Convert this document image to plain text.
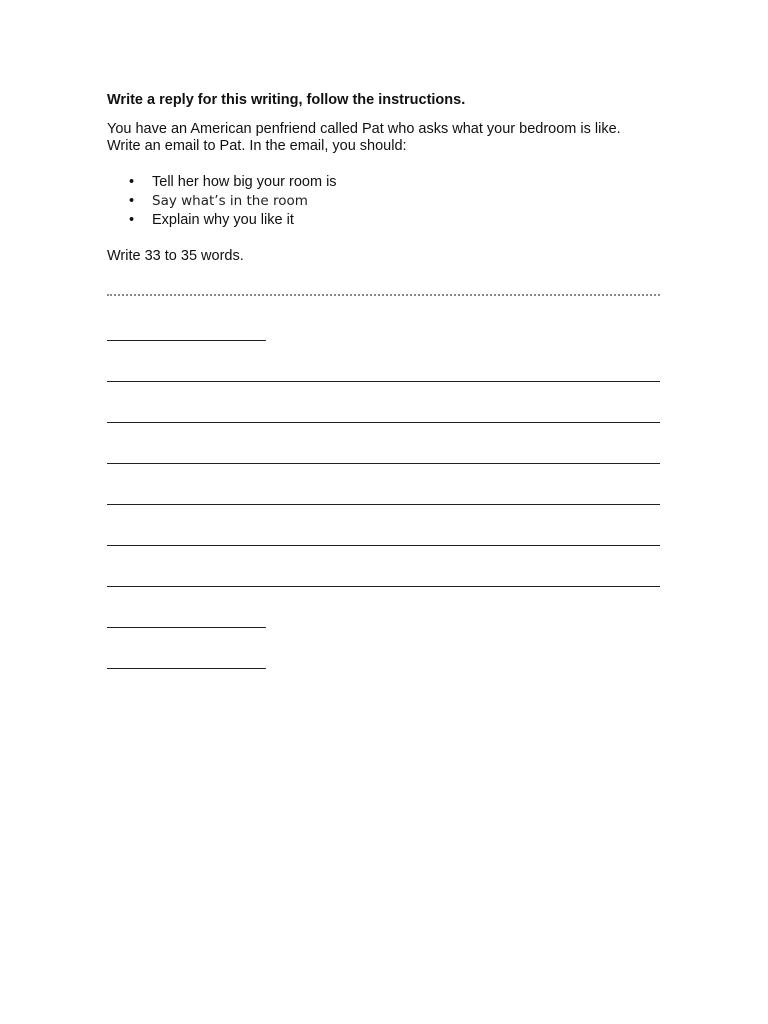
Write a reply for this writing, follow the instructions.

You have an American penfriend called Pat who asks what your bedroom is like.
Write an email to Pat. In the email, you should:

• Tell her how big your room is
• Say what’s in the room
• Explain why you like it

Write 33 to 35 words.
